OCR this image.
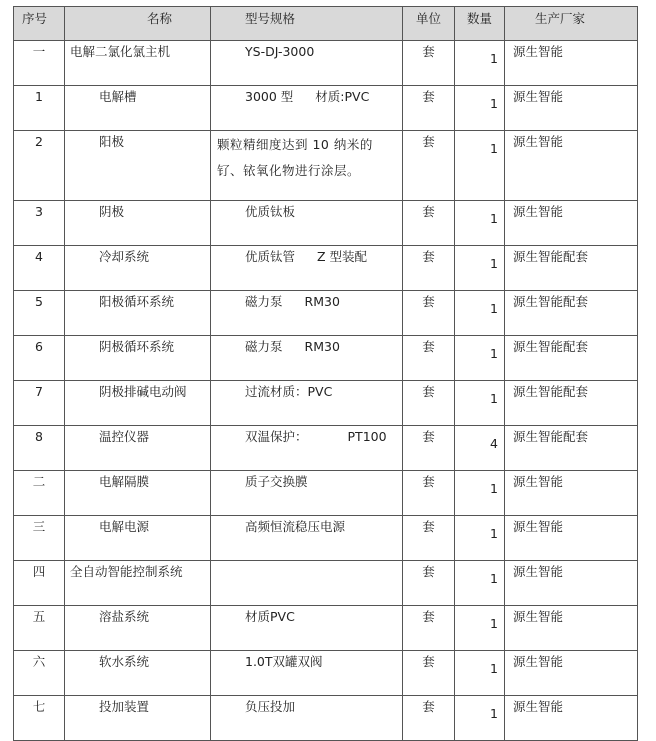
序号	名称	型号规格	单位	数量	生产厂家
一	电解二氯化氯主机	YS-DJ-3000	套	1	源生智能
1	电解槽	3000 型 材质:PVC	套	1	源生智能
2	阳极	颗粒精细度达到 10 纳米的钌、铱氧化物进行涂层。	套	1	源生智能
3	阴极	优质钛板	套	1	源生智能
4	冷却系统	优质钛管 Z 型装配	套	1	源生智能配套
5	阳极循环系统	磁力泵 RM30	套	1	源生智能配套
6	阴极循环系统	磁力泵 RM30	套	1	源生智能配套
7	阴极排碱电动阀	过流材质：PVC	套	1	源生智能配套
8	温控仪器	双温保护： PT100	套	4	源生智能配套
二	电解隔膜	质子交换膜	套	1	源生智能
三	电解电源	高频恒流稳压电源	套	1	源生智能
四	全自动智能控制系统		套	1	源生智能
五	溶盐系统	材质PVC	套	1	源生智能
六	软水系统	1.0T双罐双阀	套	1	源生智能
七	投加装置	负压投加	套	1	源生智能
